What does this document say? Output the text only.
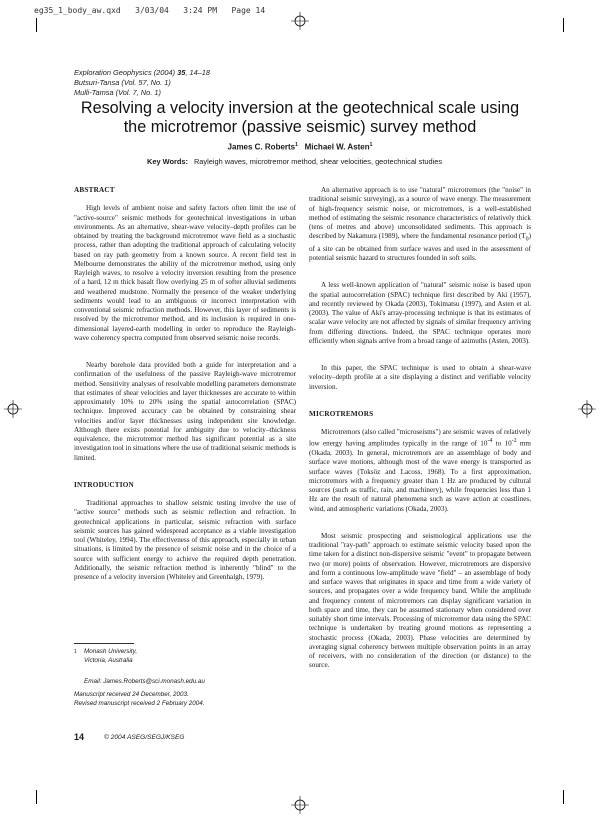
eg35_1_body_aw.qxd   3/03/04   3:24 PM   Page 14
Exploration Geophysics (2004) 35, 14–18
Butsuri-Tansa (Vol. 57, No. 1)
Mulli-Tamsa (Vol. 7, No. 1)
Resolving a velocity inversion at the geotechnical scale using the microtremor (passive seismic) survey method
James C. Roberts$^1$ Michael W. Asten$^1$
Key Words: Rayleigh waves, microtremor method, shear velocities, geotechnical studies
ABSTRACT

High levels of ambient noise and safety factors often limit the use of "active-source" seismic methods for geotechnical investigations in urban environments. As an alternative, shear-wave velocity–depth profiles can be obtained by treating the background microtremor wave field as a stochastic process, rather than adopting the traditional approach of calculating velocity based on ray path geometry from a known source. A recent field test in Melbourne demonstrates the ability of the microtremor method, using only Rayleigh waves, to resolve a velocity inversion resulting from the presence of a hard, 12 m thick basalt flow overlying 25 m of softer alluvial sediments and weathered mudstone. Normally the presence of the weaker underlying sediments would lead to an ambiguous or incorrect interpretation with conventional seismic refraction methods. However, this layer of sediments is resolved by the microtremor method, and its inclusion is required in one-dimensional layered-earth modelling in order to reproduce the Rayleigh-wave coherency spectra computed from observed seismic noise records.

Nearby borehole data provided both a guide for interpretation and a confirmation of the usefulness of the passive Rayleigh-wave microtremor method. Sensitivity analyses of resolvable modelling parameters demonstrate that estimates of shear velocities and layer thicknesses are accurate to within approximately 10% to 20% using the spatial autocorrelation (SPAC) technique. Improved accuracy can be obtained by constraining shear velocities and/or layer thicknesses using independent site knowledge. Although there exists potential for ambiguity due to velocity–thickness equivalence, the microtremor method has significant potential as a site investigation tool in situations where the use of traditional seismic methods is limited.

INTRODUCTION

Traditional approaches to shallow seismic testing involve the use of "active source" methods such as seismic reflection and refraction. In geotechnical applications in particular, seismic refraction with surface seismic sources has gained widespread acceptance as a viable investigation tool (Whiteley, 1994). The effectiveness of this approach, especially in urban situations, is limited by the presence of seismic noise and in the choice of a source with sufficient energy to achieve the required depth penetration. Additionally, the seismic refraction method is inherently "blind" to the presence of a velocity inversion (Whiteley and Greenhalgh, 1979).

An alternative approach is to use "natural" microtremors (the "noise" in traditional seismic surveying), as a source of wave energy. The measurement of high-frequency seismic noise, or microtremors, is a well-established method of estimating the seismic resonance characteristics of relatively thick (tens of metres and above) unconsolidated sediments. This approach is described by Nakamura (1989), where the fundamental resonance period $(T_0)$ of a site can be obtained from surface waves and used in the assessment of potential seismic hazard to structures founded in soft soils.

A less well-known application of "natural" seismic noise is based upon the spatial autocorrelation (SPAC) technique first described by Aki (1957), and recently reviewed by Okada (2003), Tokimatsu (1997), and Asten et al. (2003). The value of Aki's array-processing technique is that its estimates of scalar wave velocity are not affected by signals of similar frequency arriving from differing directions. Indeed, the SPAC technique operates more efficiently when signals arrive from a broad range of azimuths (Asten, 2003).

In this paper, the SPAC technique is used to obtain a shear-wave velocity–depth profile at a site displaying a distinct and verifiable velocity inversion.

MICROTREMORS

Microtremors (also called "microseisms") are seismic waves of relatively low energy having amplitudes typically in the range of $10^{-4}$ to $10^{-2}$ mm (Okada, 2003). In general, microtremors are an assemblage of body and surface wave motions, although most of the wave energy is transported as surface waves (Toksöz and Lacoss, 1968). To a first approximation, microtremors with a frequency greater than 1 Hz are produced by cultural sources (such as traffic, rain, and machinery), while frequencies less than 1 Hz are the result of natural phenomena such as wave action at coastlines, wind, and atmospheric variations (Okada, 2003).

Most seismic prospecting and seismological applications use the traditional "ray-path" approach to estimate seismic velocity based upon the time taken for a distinct non-dispersive seismic "event" to propagate between two (or more) points of observation. However, microtremors are dispersive and form a continuous low-amplitude wave "field" – an assemblage of body and surface waves that originates in space and time from a wide variety of sources, and propagates over a wide frequency band. While the amplitude and frequency content of microtremors can display significant variation in both space and time, they can be assumed stationary when considered over suitably short time intervals. Processing of microtremor data using the SPAC technique is undertaken by treating ground motions as representing a stochastic process (Okada, 2003). Phase velocities are determined by averaging signal coherency between multiple observation points in an array of receivers, with no consideration of the direction (or distance) to the source.

1 Monash University,
Victoria, Australia
Email: James.Roberts@sci.monash.edu.au
Manuscript received 24 December, 2003.
Revised manuscript received 2 February 2004.
14	© 2004 ASEG/SEGJ/KSEG
